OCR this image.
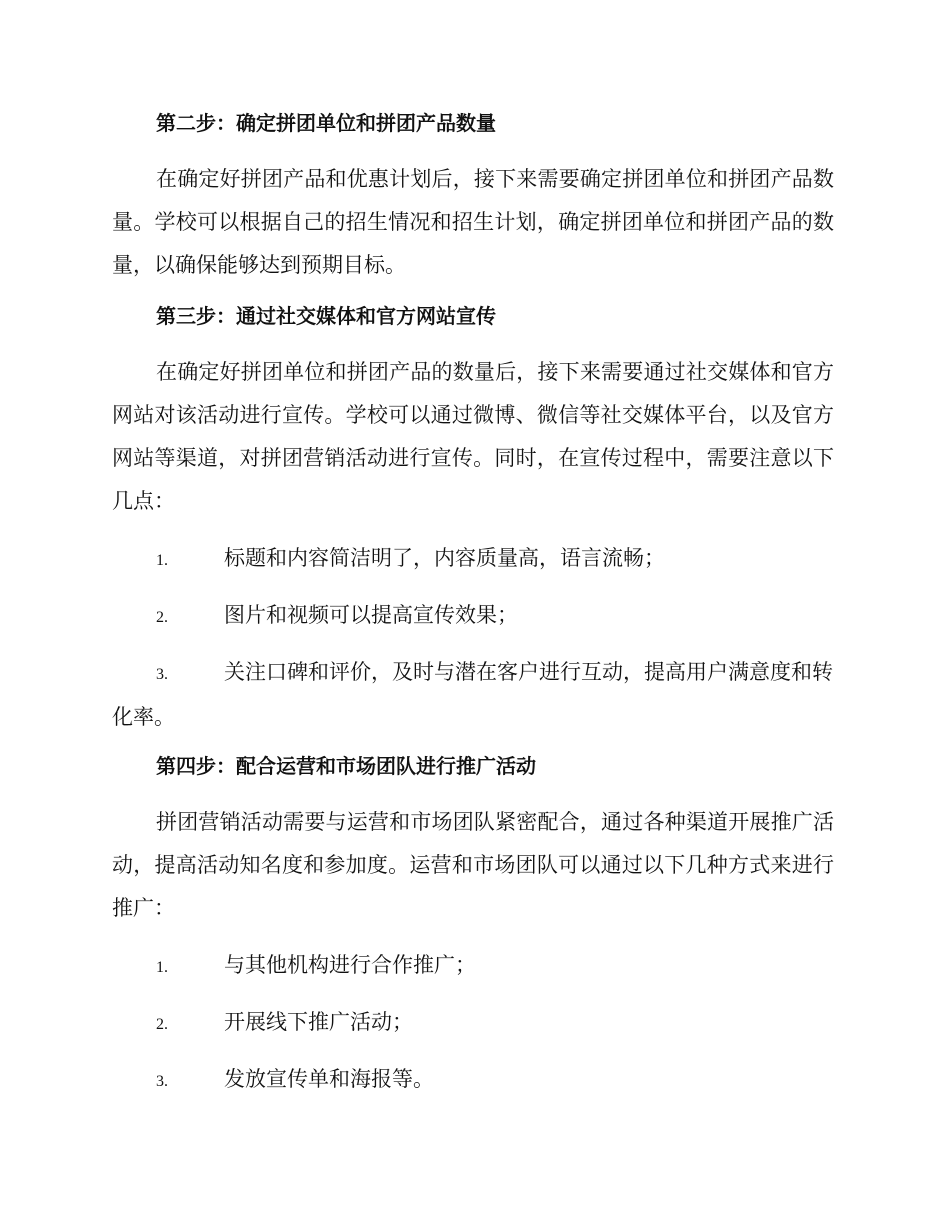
第二步：确定拼团单位和拼团产品数量
在确定好拼团产品和优惠计划后，接下来需要确定拼团单位和拼团产品数量。学校可以根据自己的招生情况和招生计划，确定拼团单位和拼团产品的数量，以确保能够达到预期目标。
第三步：通过社交媒体和官方网站宣传
在确定好拼团单位和拼团产品的数量后，接下来需要通过社交媒体和官方网站对该活动进行宣传。学校可以通过微博、微信等社交媒体平台，以及官方网站等渠道，对拼团营销活动进行宣传。同时，在宣传过程中，需要注意以下几点：
1.	标题和内容简洁明了，内容质量高，语言流畅；
2.	图片和视频可以提高宣传效果；
3.	关注口碑和评价，及时与潜在客户进行互动，提高用户满意度和转化率。
第四步：配合运营和市场团队进行推广活动
拼团营销活动需要与运营和市场团队紧密配合，通过各种渠道开展推广活动，提高活动知名度和参加度。运营和市场团队可以通过以下几种方式来进行推广：
1.	与其他机构进行合作推广；
2.	开展线下推广活动；
3.	发放宣传单和海报等。
